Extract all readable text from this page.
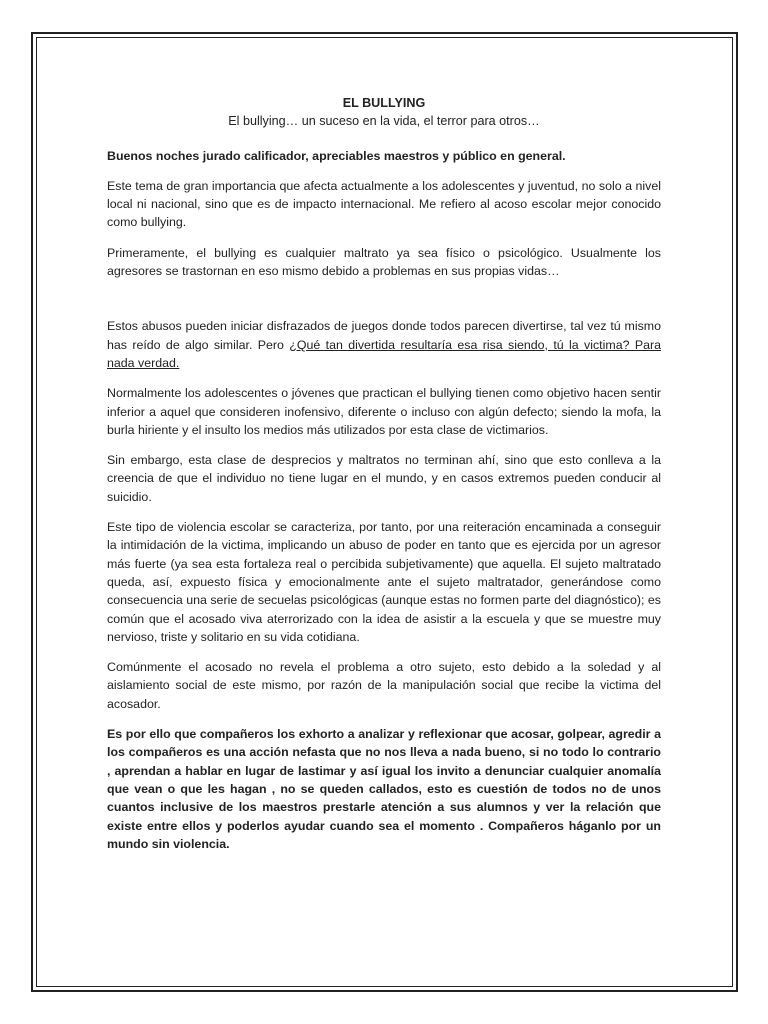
EL BULLYING

El bullying… un suceso en la vida, el terror para otros…

Buenos noches jurado calificador, apreciables maestros y público en general.

Este tema de gran importancia que afecta actualmente a los adolescentes y juventud, no solo a nivel local ni nacional, sino que es de impacto internacional. Me refiero al acoso escolar mejor conocido como bullying.

Primeramente, el bullying es cualquier maltrato ya sea físico o psicológico. Usualmente los agresores se trastornan en eso mismo debido a problemas en sus propias vidas…

Estos abusos pueden iniciar disfrazados de juegos donde todos parecen divertirse, tal vez tú mismo has reído de algo similar. Pero ¿Qué tan divertida resultaría esa risa siendo, tú la victima? Para nada verdad.

Normalmente los adolescentes o jóvenes que practican el bullying tienen como objetivo hacen sentir inferior a aquel que consideren inofensivo, diferente o incluso con algún defecto; siendo la mofa, la burla hiriente y el insulto los medios más utilizados por esta clase de victimarios.

Sin embargo, esta clase de desprecios y maltratos no terminan ahí, sino que esto conlleva a la creencia de que el individuo no tiene lugar en el mundo, y en casos extremos pueden conducir al suicidio.

Este tipo de violencia escolar se caracteriza, por tanto, por una reiteración encaminada a conseguir la intimidación de la victima, implicando un abuso de poder en tanto que es ejercida por un agresor más fuerte (ya sea esta fortaleza real o percibida subjetivamente) que aquella. El sujeto maltratado queda, así, expuesto física y emocionalmente ante el sujeto maltratador, generándose como consecuencia una serie de secuelas psicológicas (aunque estas no formen parte del diagnóstico); es común que el acosado viva aterrorizado con la idea de asistir a la escuela y que se muestre muy nervioso, triste y solitario en su vida cotidiana.

Comúnmente el acosado no revela el problema a otro sujeto, esto debido a la soledad y al aislamiento social de este mismo, por razón de la manipulación social que recibe la victima del acosador.

Es por ello que compañeros los exhorto a analizar y reflexionar que acosar, golpear, agredir a los compañeros es una acción nefasta que no nos lleva a nada bueno, si no todo lo contrario , aprendan a hablar en lugar de lastimar y así igual los invito a denunciar cualquier anomalía que vean o que les hagan , no se queden callados, esto es cuestión de todos no de unos cuantos inclusive de los maestros prestarle atención a sus alumnos y ver la relación que existe entre ellos y poderlos ayudar cuando sea el momento . Compañeros háganlo por un mundo sin violencia.
